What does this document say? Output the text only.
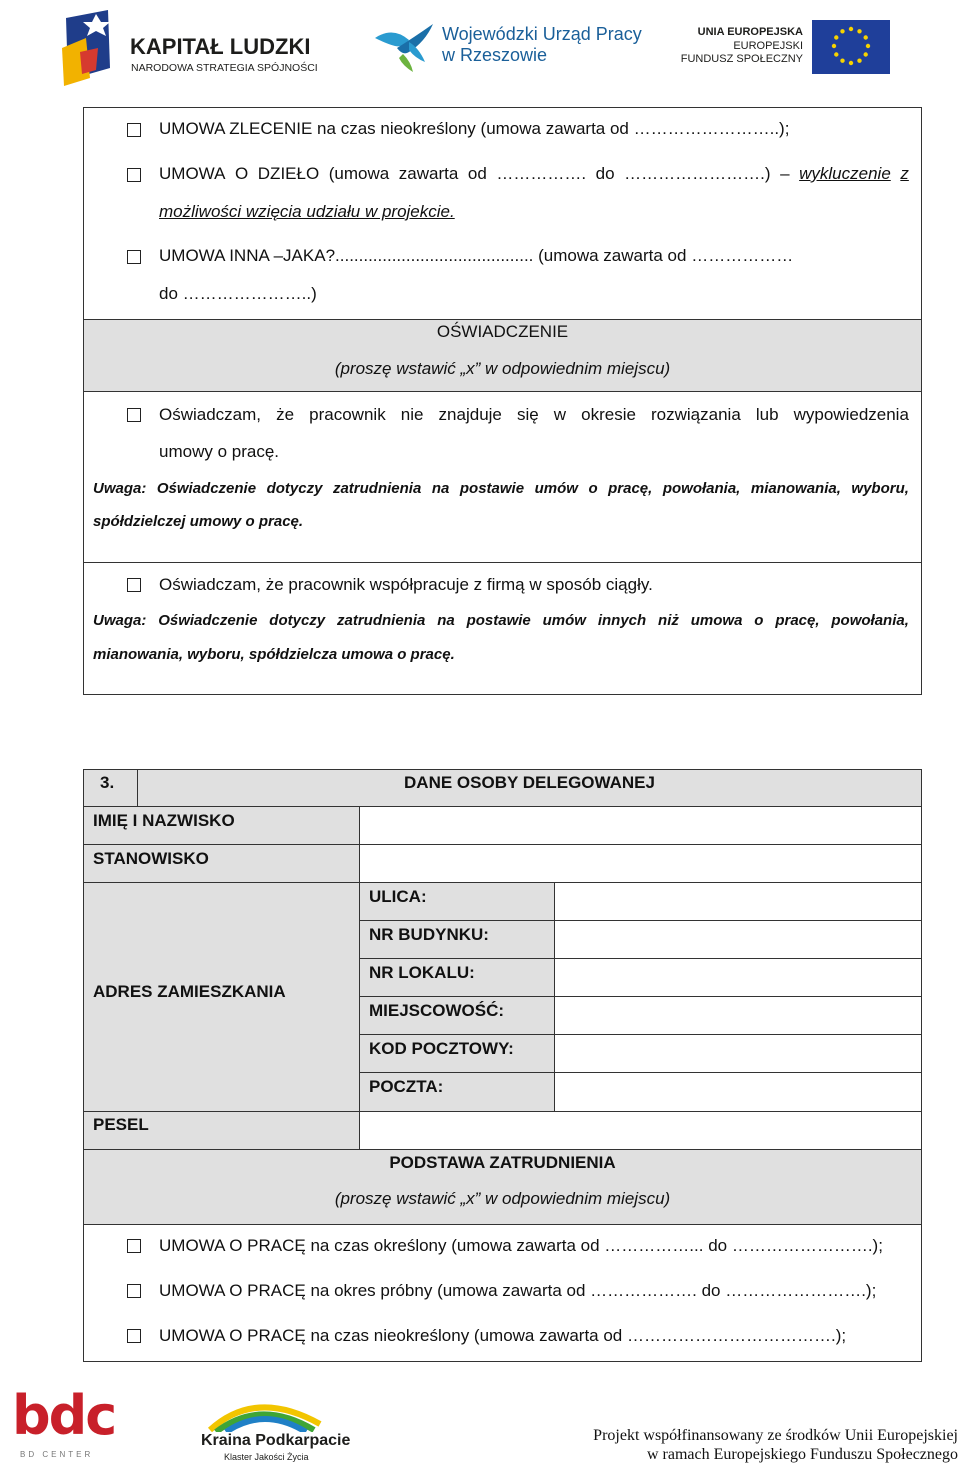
KAPITAŁ LUDZKI
NARODOWA STRATEGIA SPÓJNOŚCI
Wojewódzki Urząd Pracy
w Rzeszowie
UNIA EUROPEJSKA
EUROPEJSKI
FUNDUSZ SPOŁECZNY
UMOWA ZLECENIE na czas nieokreślony (umowa zawarta od ……………………..);
UMOWA O DZIEŁO (umowa zawarta od ……………. do …………………….) – wykluczenie z
możliwości wzięcia udziału w projekcie.
UMOWA INNA –JAKA?.......................................... (umowa zawarta od ………………
do …………………..)
OŚWIADCZENIE
(proszę wstawić „x” w odpowiednim miejscu)
Oświadczam, że pracownik nie znajduje się w okresie rozwiązania lub wypowiedzenia
umowy o pracę.
Uwaga: Oświadczenie dotyczy zatrudnienia na postawie umów o pracę, powołania, mianowania, wyboru,
spółdzielczej umowy o pracę.
Oświadczam, że pracownik współpracuje z firmą w sposób ciągły.
Uwaga: Oświadczenie dotyczy zatrudnienia na postawie umów innych niż umowa o pracę, powołania,
mianowania, wyboru, spółdzielcza umowa o pracę.
3.	DANE OSOBY DELEGOWANEJ
IMIĘ I NAZWISKO
STANOWISKO
ADRES ZAMIESZKANIA
ULICA:
NR BUDYNKU:
NR LOKALU:
MIEJSCOWOŚĆ:
KOD POCZTOWY:
POCZTA:
PESEL
PODSTAWA ZATRUDNIENIA
(proszę wstawić „x” w odpowiednim miejscu)
UMOWA O PRACĘ na czas określony (umowa zawarta od ……………... do …………………….);
UMOWA O PRACĘ na okres próbny (umowa zawarta od ………………. do …………………….);
UMOWA O PRACĘ na czas nieokreślony (umowa zawarta od ……………………………….);
bdc
BD CENTER
Kraina Podkarpacie
Klaster Jakości Życia
Projekt współfinansowany ze środków Unii Europejskiej
w ramach Europejskiego Funduszu Społecznego
